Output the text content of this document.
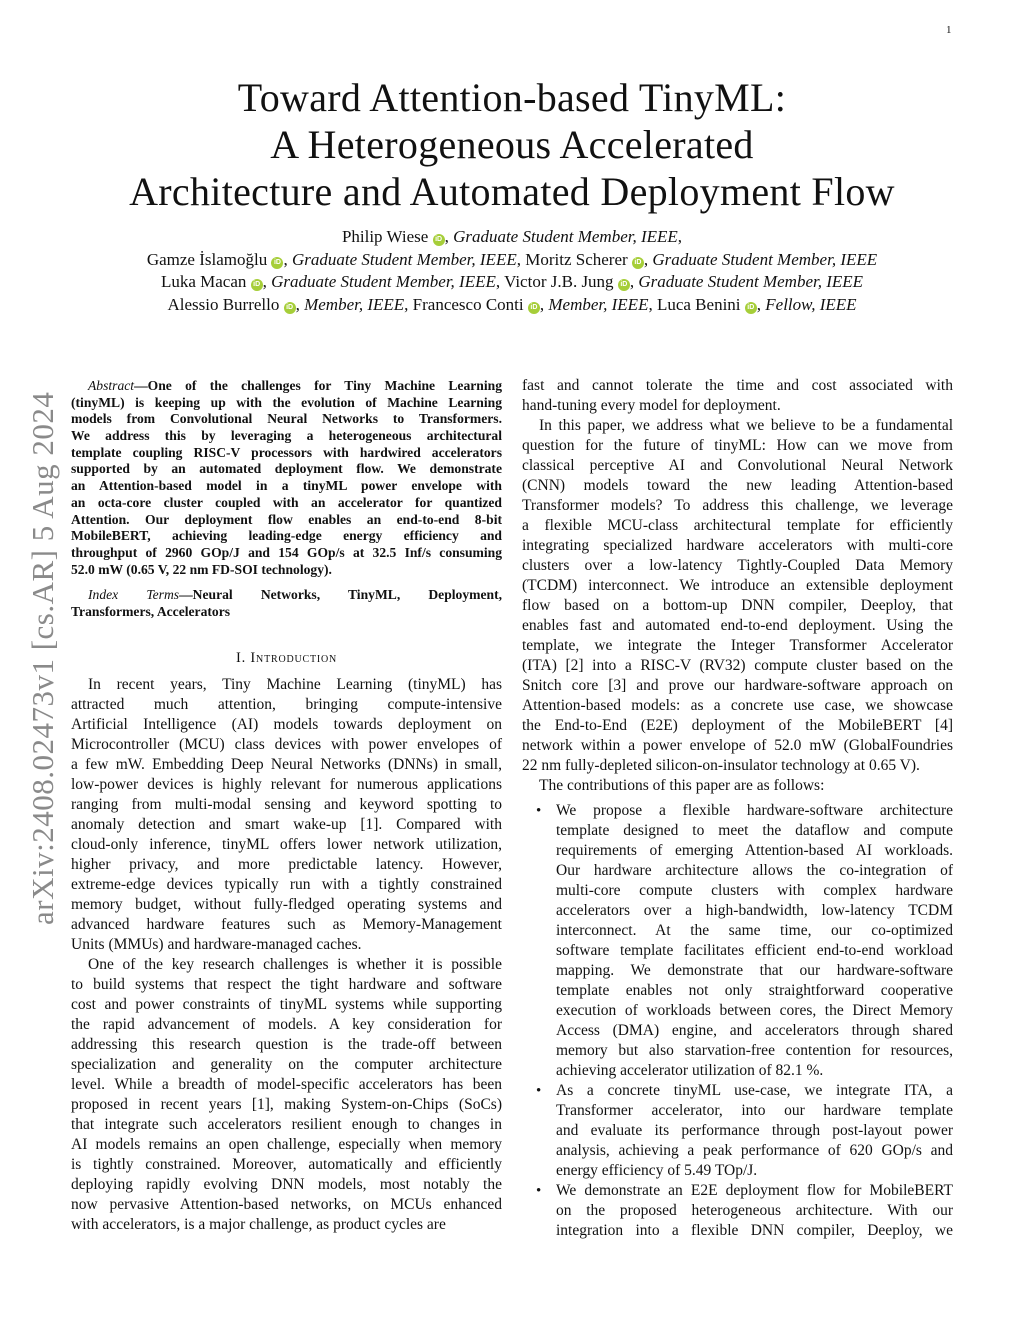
1
arXiv:2408.02473v1 [cs.AR] 5 Aug 2024
Toward Attention-based TinyML:
A Heterogeneous Accelerated
Architecture and Automated Deployment Flow
Philip Wiese iD , Graduate Student Member, IEEE,
Gamze İslamoğlu iD , Graduate Student Member, IEEE, Moritz Scherer iD , Graduate Student Member, IEEE
Luka Macan iD , Graduate Student Member, IEEE, Victor J.B. Jung iD , Graduate Student Member, IEEE
Alessio Burrello iD , Member, IEEE, Francesco Conti iD , Member, IEEE, Luca Benini iD , Fellow, IEEE
Abstract—One of the challenges for Tiny Machine Learning
(tinyML) is keeping up with the evolution of Machine Learning
models from Convolutional Neural Networks to Transformers.
We address this by leveraging a heterogeneous architectural
template coupling RISC-V processors with hardwired accelerators
supported by an automated deployment flow. We demonstrate
an Attention-based model in a tinyML power envelope with
an octa-core cluster coupled with an accelerator for quantized
Attention. Our deployment flow enables an end-to-end 8-bit
MobileBERT, achieving leading-edge energy efficiency and
throughput of 2960 GOp/J and 154 GOp/s at 32.5 Inf/s consuming
52.0 mW (0.65 V, 22 nm FD-SOI technology).
Index Terms—Neural Networks, TinyML, Deployment,
Transformers, Accelerators
I. Introduction
In recent years, Tiny Machine Learning (tinyML) has
attracted much attention, bringing compute-intensive
Artificial Intelligence (AI) models towards deployment on
Microcontroller (MCU) class devices with power envelopes of
a few mW. Embedding Deep Neural Networks (DNNs) in small,
low-power devices is highly relevant for numerous applications
ranging from multi-modal sensing and keyword spotting to
anomaly detection and smart wake-up [1]. Compared with
cloud-only inference, tinyML offers lower network utilization,
higher privacy, and more predictable latency. However,
extreme-edge devices typically run with a tightly constrained
memory budget, without fully-fledged operating systems and
advanced hardware features such as Memory-Management
Units (MMUs) and hardware-managed caches.
One of the key research challenges is whether it is possible
to build systems that respect the tight hardware and software
cost and power constraints of tinyML systems while supporting
the rapid advancement of models. A key consideration for
addressing this research question is the trade-off between
specialization and generality on the computer architecture
level. While a breadth of model-specific accelerators has been
proposed in recent years [1], making System-on-Chips (SoCs)
that integrate such accelerators resilient enough to changes in
AI models remains an open challenge, especially when memory
is tightly constrained. Moreover, automatically and efficiently
deploying rapidly evolving DNN models, most notably the
now pervasive Attention-based networks, on MCUs enhanced
with accelerators, is a major challenge, as product cycles are
fast and cannot tolerate the time and cost associated with
hand-tuning every model for deployment.
In this paper, we address what we believe to be a fundamental
question for the future of tinyML: How can we move from
classical perceptive AI and Convolutional Neural Network
(CNN) models toward the new leading Attention-based
Transformer models? To address this challenge, we leverage
a flexible MCU-class architectural template for efficiently
integrating specialized hardware accelerators with multi-core
clusters over a low-latency Tightly-Coupled Data Memory
(TCDM) interconnect. We introduce an extensible deployment
flow based on a bottom-up DNN compiler, Deeploy, that
enables fast and automated end-to-end deployment. Using the
template, we integrate the Integer Transformer Accelerator
(ITA) [2] into a RISC-V (RV32) compute cluster based on the
Snitch core [3] and prove our hardware-software approach on
Attention-based models: as a concrete use case, we showcase
the End-to-End (E2E) deployment of the MobileBERT [4]
network within a power envelope of 52.0 mW (GlobalFoundries
22 nm fully-depleted silicon-on-insulator technology at 0.65 V).
The contributions of this paper are as follows:
• We propose a flexible hardware-software architecture
template designed to meet the dataflow and compute
requirements of emerging Attention-based AI workloads.
Our hardware architecture allows the co-integration of
multi-core compute clusters with complex hardware
accelerators over a high-bandwidth, low-latency TCDM
interconnect. At the same time, our co-optimized
software template facilitates efficient end-to-end workload
mapping. We demonstrate that our hardware-software
template enables not only straightforward cooperative
execution of workloads between cores, the Direct Memory
Access (DMA) engine, and accelerators through shared
memory but also starvation-free contention for resources,
achieving accelerator utilization of 82.1 %.
• As a concrete tinyML use-case, we integrate ITA, a
Transformer accelerator, into our hardware template
and evaluate its performance through post-layout power
analysis, achieving a peak performance of 620 GOp/s and
energy efficiency of 5.49 TOp/J.
• We demonstrate an E2E deployment flow for MobileBERT
on the proposed heterogeneous architecture. With our
integration into a flexible DNN compiler, Deeploy, we
